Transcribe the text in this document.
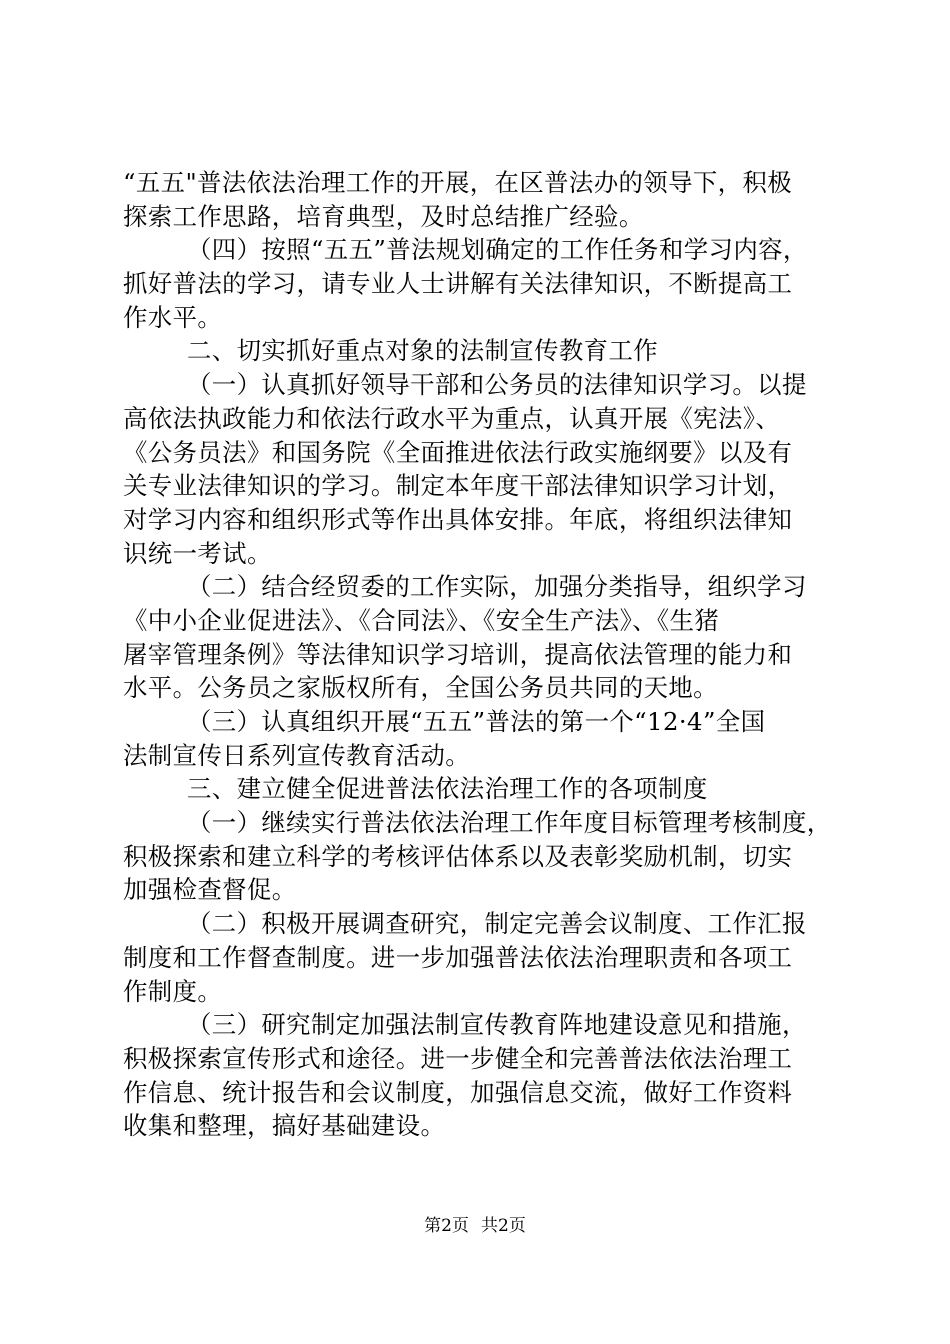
“五五"普法依法治理工作的开展，在区普法办的领导下，积极
探索工作思路，培育典型，及时总结推广经验。
（四）按照“五五”普法规划确定的工作任务和学习内容，
抓好普法的学习，请专业人士讲解有关法律知识，不断提高工
作水平。
二、切实抓好重点对象的法制宣传教育工作
（一）认真抓好领导干部和公务员的法律知识学习。以提
高依法执政能力和依法行政水平为重点，认真开展《宪法》、
《公务员法》和国务院《全面推进依法行政实施纲要》以及有
关专业法律知识的学习。制定本年度干部法律知识学习计划，
对学习内容和组织形式等作出具体安排。年底，将组织法律知
识统一考试。
（二）结合经贸委的工作实际，加强分类指导，组织学习
《中小企业促进法》、《合同法》、《安全生产法》、《生猪
屠宰管理条例》等法律知识学习培训，提高依法管理的能力和
水平。公务员之家版权所有，全国公务员共同的天地。
（三）认真组织开展“五五”普法的第一个“12·4”全国
法制宣传日系列宣传教育活动。
三、建立健全促进普法依法治理工作的各项制度
（一）继续实行普法依法治理工作年度目标管理考核制度，
积极探索和建立科学的考核评估体系以及表彰奖励机制，切实
加强检查督促。
（二）积极开展调查研究，制定完善会议制度、工作汇报
制度和工作督查制度。进一步加强普法依法治理职责和各项工
作制度。
（三）研究制定加强法制宣传教育阵地建设意见和措施，
积极探索宣传形式和途径。进一步健全和完善普法依法治理工
作信息、统计报告和会议制度，加强信息交流，做好工作资料
收集和整理，搞好基础建设。
第2页 共2页
